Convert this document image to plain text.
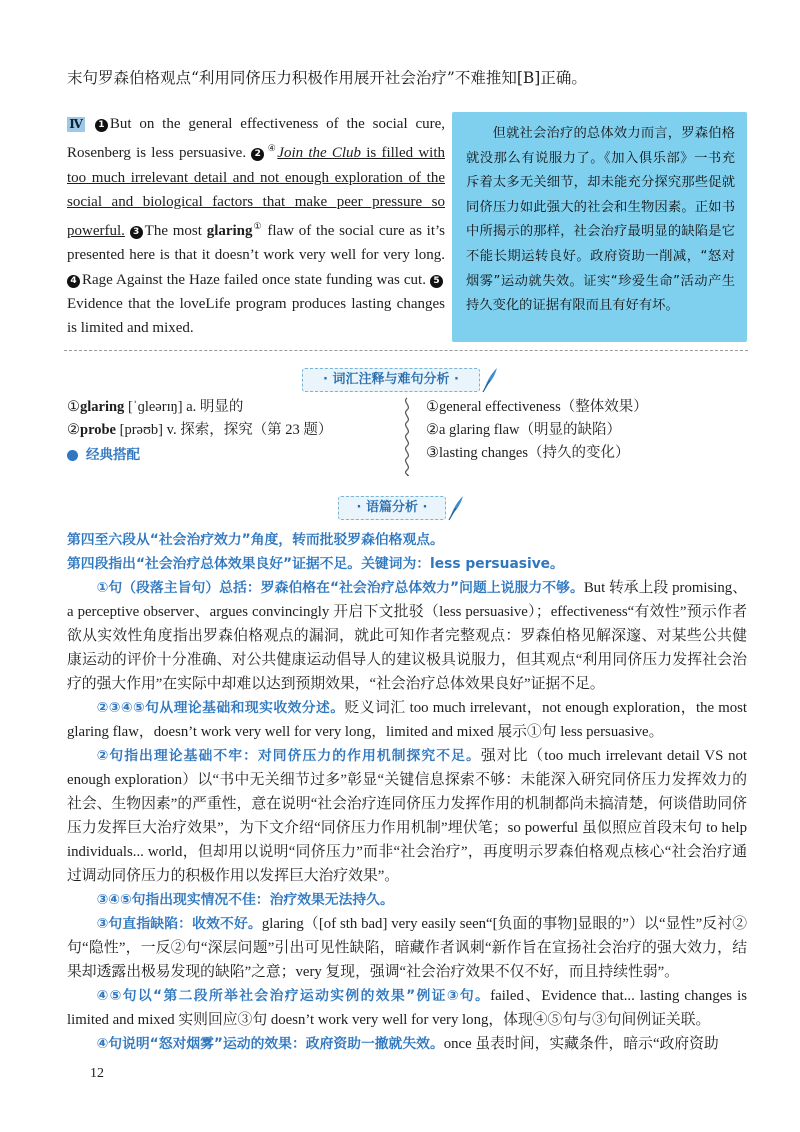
末句罗森伯格观点“利用同侪压力积极作用展开社会治疗”不难推知[B]正确。
Ⅳ 1 But on the general effectiveness of the social cure, Rosenberg is less persuasive. 2④Join the Club is filled with too much irrelevant detail and not enough exploration of the social and biological factors that make peer pressure so powerful. 3 The most glaring① flaw of the social cure as it’s presented here is that it doesn’t work very well for very long. 4 Rage Against the Haze failed once state funding was cut. 5Evidence that the loveLife program produces lasting changes is limited and mixed.
但就社会治疗的总体效力而言，罗森伯格就没那么有说服力了。《加入俱乐部》一书充斥着太多无关细节，却未能充分探究那些促就同侪压力如此强大的社会和生物因素。正如书中所揭示的那样，社会治疗最明显的缺陷是它不能长期运转良好。政府资助一削减，“怒对烟雾”运动就失效。证实“珍爱生命”活动产生持久变化的证据有限而且有好有坏。
· 词汇注释与难句分析 ·
①glaring [ˈɡleərɪŋ] a. 明显的
②probe [prəʊb] v. 探索，探究（第 23 题）
经典搭配
①general effectiveness（整体效果）
②a glaring flaw（明显的缺陷）
③lasting changes（持久的变化）
· 语篇分析 ·
第四至六段从“社会治疗效力”角度，转而批驳罗森伯格观点。
第四段指出“社会治疗总体效果良好”证据不足。关键词为：less persuasive。
①句（段落主旨句）总括：罗森伯格在“社会治疗总体效力”问题上说服力不够。But 转承上段 promising、a perceptive observer、argues convincingly 开启下文批驳（less persuasive）；effectiveness“有效性”预示作者欲从实效性角度指出罗森伯格观点的漏洞，就此可知作者完整观点：罗森伯格见解深邃、对某些公共健康运动的评价十分准确、对公共健康运动倡导人的建议极具说服力，但其观点“利用同侪压力发挥社会治疗的强大作用”在实际中却难以达到预期效果，“社会治疗总体效果良好”证据不足。
②③④⑤句从理论基础和现实收效分述。贬义词汇 too much irrelevant，not enough exploration，the most glaring flaw，doesn’t work very well for very long，limited and mixed 展示①句 less persuasive。
②句指出理论基础不牢：对同侪压力的作用机制探究不足。强对比（too much irrelevant detail VS not enough exploration）以“书中无关细节过多”彰显“关键信息探索不够：未能深入研究同侪压力发挥效力的社会、生物因素”的严重性，意在说明“社会治疗连同侪压力发挥作用的机制都尚未搞清楚，何谈借助同侪压力发挥巨大治疗效果”，为下文介绍“同侪压力作用机制”埋伏笔；so powerful 虽似照应首段末句 to help individuals... world，但却用以说明“同侪压力”而非“社会治疗”，再度明示罗森伯格观点核心“社会治疗通过调动同侪压力的积极作用以发挥巨大治疗效果”。
③④⑤句指出现实情况不佳：治疗效果无法持久。
③句直指缺陷：收效不好。glaring（[of sth bad] very easily seen“[负面的事物]显眼的”）以“显性”反衬②句“隐性”，一反②句“深层问题”引出可见性缺陷，暗藏作者讽刺“新作旨在宣扬社会治疗的强大效力，结果却透露出极易发现的缺陷”之意；very 复现，强调“社会治疗效果不仅不好，而且持续性弱”。
④⑤句以“第二段所举社会治疗运动实例的效果”例证③句。failed、Evidence that... lasting changes is limited and mixed 实则回应③句 doesn’t work very well for very long，体现④⑤句与③句间例证关联。
④句说明“怒对烟雾”运动的效果：政府资助一撤就失效。once 虽表时间，实藏条件，暗示“政府资助
12
